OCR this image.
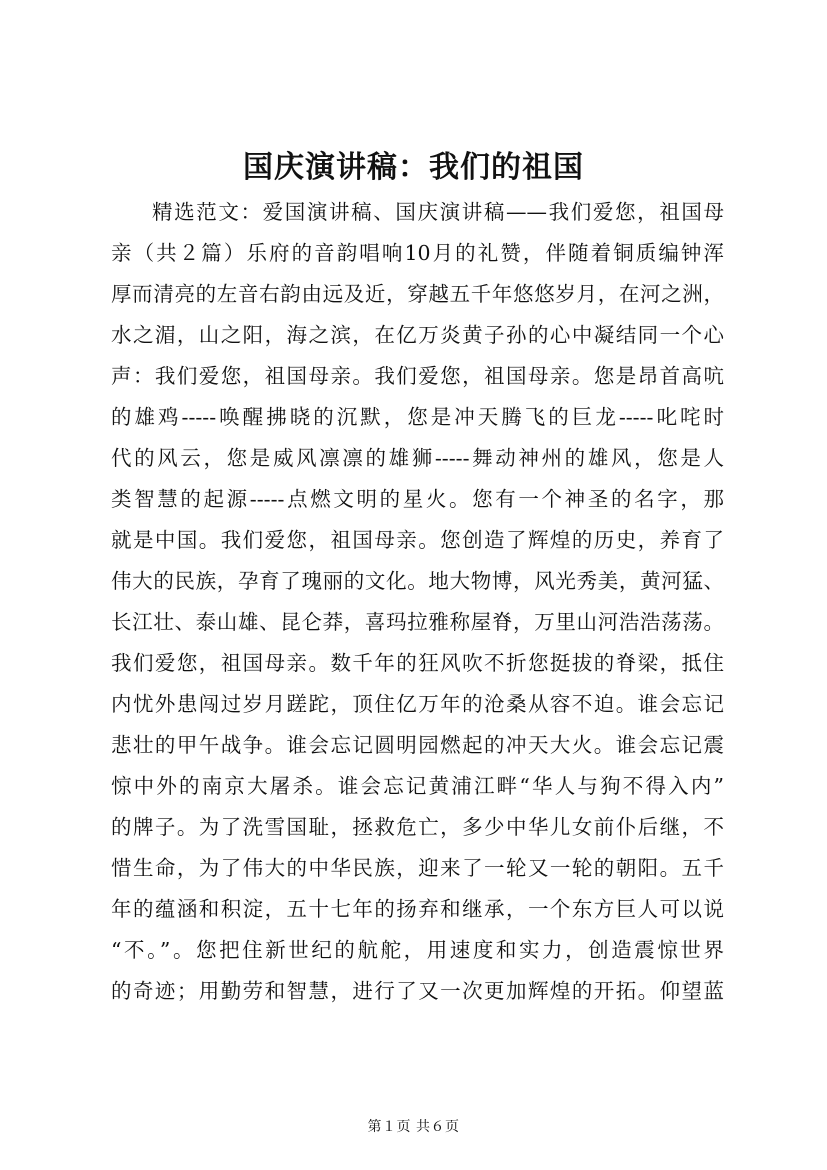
国庆演讲稿：我们的祖国
精选范文：爱国演讲稿、国庆演讲稿——我们爱您，祖国母
亲（共２篇）乐府的音韵唱响10月的礼赞，伴随着铜质编钟浑
厚而清亮的左音右韵由远及近，穿越五千年悠悠岁月，在河之洲，
水之湄，山之阳，海之滨，在亿万炎黄子孙的心中凝结同一个心
声：我们爱您，祖国母亲。我们爱您，祖国母亲。您是昂首高吭
的雄鸡-----唤醒拂晓的沉默，您是冲天腾飞的巨龙-----叱咤时
代的风云，您是威风凛凛的雄狮-----舞动神州的雄风，您是人
类智慧的起源-----点燃文明的星火。您有一个神圣的名字，那
就是中国。我们爱您，祖国母亲。您创造了辉煌的历史，养育了
伟大的民族，孕育了瑰丽的文化。地大物博，风光秀美，黄河猛、
长江壮、泰山雄、昆仑莽，喜玛拉雅称屋脊，万里山河浩浩荡荡。
我们爱您，祖国母亲。数千年的狂风吹不折您挺拔的脊梁，抵住
内忧外患闯过岁月蹉跎，顶住亿万年的沧桑从容不迫。谁会忘记
悲壮的甲午战争。谁会忘记圆明园燃起的冲天大火。谁会忘记震
惊中外的南京大屠杀。谁会忘记黄浦江畔“华人与狗不得入内”
的牌子。为了洗雪国耻，拯救危亡，多少中华儿女前仆后继，不
惜生命，为了伟大的中华民族，迎来了一轮又一轮的朝阳。五千
年的蕴涵和积淀，五十七年的扬弃和继承，一个东方巨人可以说
“不。”。您把住新世纪的航舵，用速度和实力，创造震惊世界
的奇迹；用勤劳和智慧，进行了又一次更加辉煌的开拓。仰望蓝
第１页 共６页
